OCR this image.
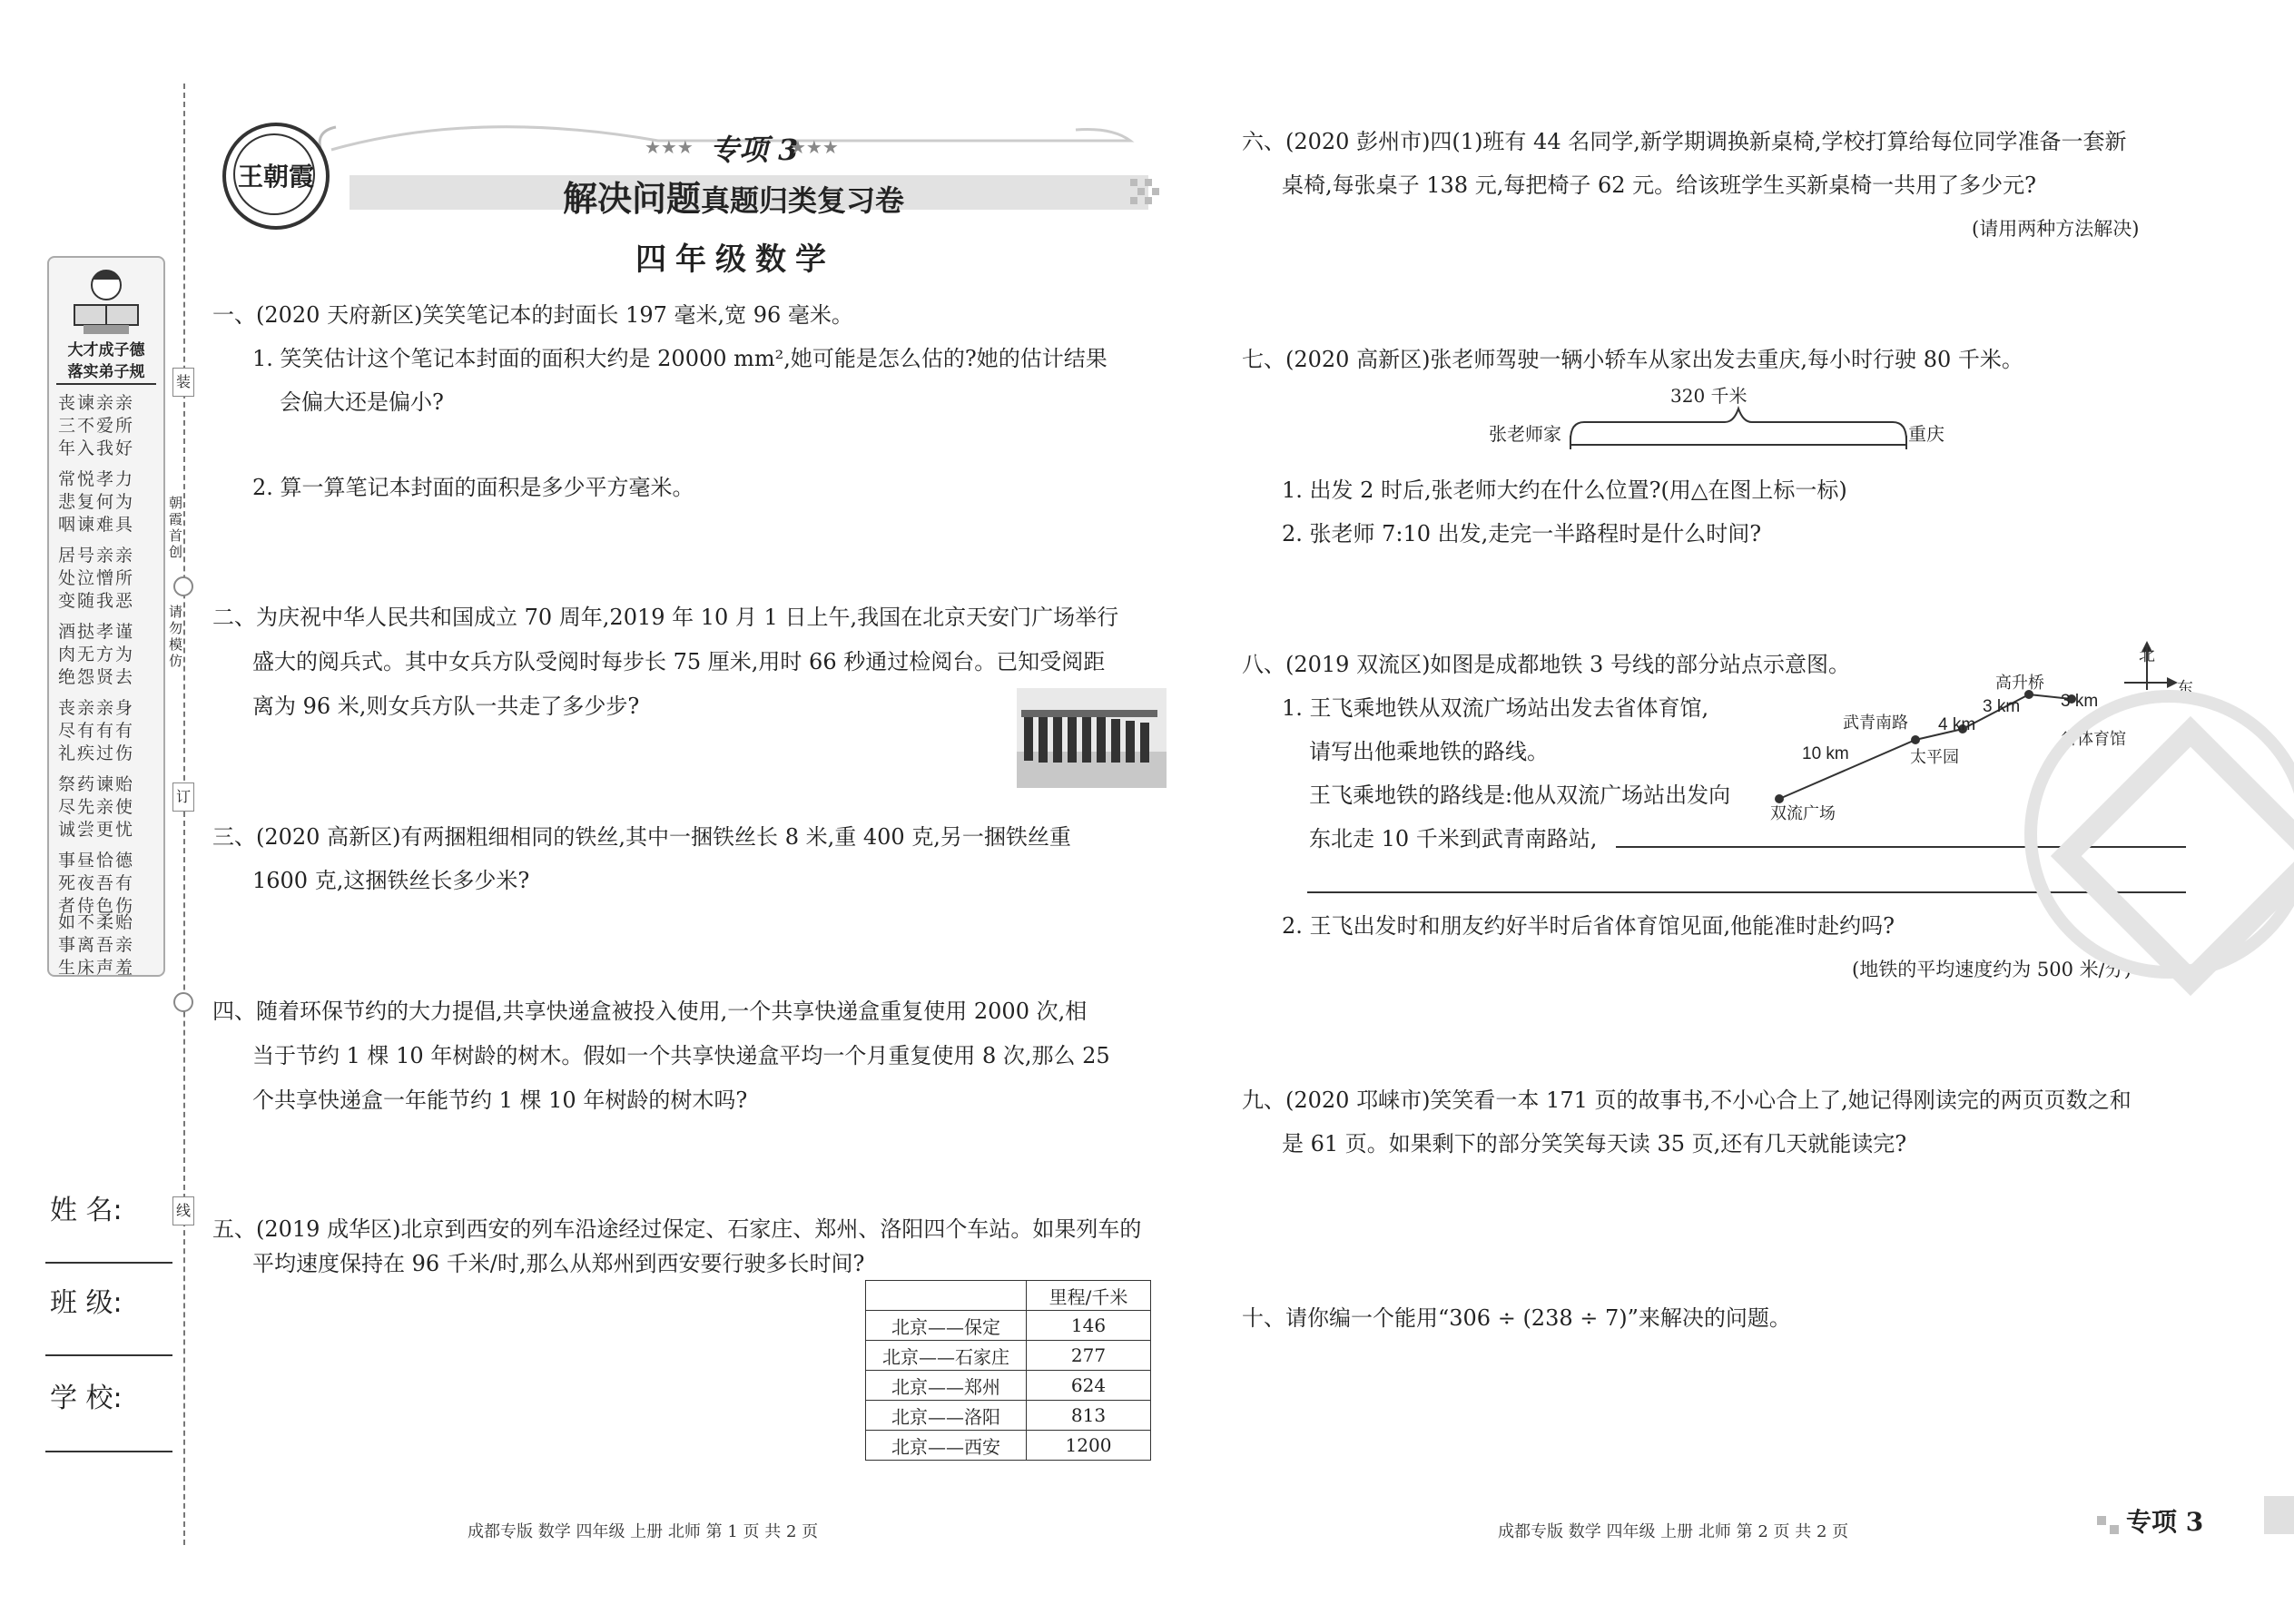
装
朝霞首创
请勿模仿
订
线
大才成子德
落实弟子规
丧谏亲亲
三不爱所
年入我好
常悦孝力
悲复何为
咽谏难具
居号亲亲
处泣憎所
变随我恶
酒挞孝谨
肉无方为
绝怨贤去
丧亲亲身
尽有有有
礼疾过伤
祭药谏贻
尽先亲使
诚尝更忧
事昼恰德
死夜吾有
者侍色伤
如不柔贻
事离吾亲
生床声羞
姓 名:
班 级:
学 校:
王朝霞
★★★ 专项 3
★★★
解决问题真题归类复习卷
四年级数学
一、(2020 天府新区)笑笑笔记本的封面长 197 毫米,宽 96 毫米。
1. 笑笑估计这个笔记本封面的面积大约是 20000 mm²,她可能是怎么估的?她的估计结果
会偏大还是偏小?
2. 算一算笔记本封面的面积是多少平方毫米。
二、为庆祝中华人民共和国成立 70 周年,2019 年 10 月 1 日上午,我国在北京天安门广场举行
盛大的阅兵式。其中女兵方队受阅时每步长 75 厘米,用时 66 秒通过检阅台。已知受阅距
离为 96 米,则女兵方队一共走了多少步?
三、(2020 高新区)有两捆粗细相同的铁丝,其中一捆铁丝长 8 米,重 400 克,另一捆铁丝重
1600 克,这捆铁丝长多少米?
四、随着环保节约的大力提倡,共享快递盒被投入使用,一个共享快递盒重复使用 2000 次,相
当于节约 1 棵 10 年树龄的树木。假如一个共享快递盒平均一个月重复使用 8 次,那么 25
个共享快递盒一年能节约 1 棵 10 年树龄的树木吗?
五、(2019 成华区)北京到西安的列车沿途经过保定、石家庄、郑州、洛阳四个车站。如果列车的
平均速度保持在 96 千米/时,那么从郑州到西安要行驶多长时间?
	里程/千米
北京——保定	146
北京——石家庄	277
北京——郑州	624
北京——洛阳	813
北京——西安	1200
成都专版 数学 四年级 上册 北师 第 1 页 共 2 页
六、(2020 彭州市)四(1)班有 44 名同学,新学期调换新桌椅,学校打算给每位同学准备一套新
桌椅,每张桌子 138 元,每把椅子 62 元。给该班学生买新桌椅一共用了多少元?
(请用两种方法解决)
七、(2020 高新区)张老师驾驶一辆小轿车从家出发去重庆,每小时行驶 80 千米。
1. 出发 2 时后,张老师大约在什么位置?(用△在图上标一标)
2. 张老师 7:10 出发,走完一半路程时是什么时间?
八、(2019 双流区)如图是成都地铁 3 号线的部分站点示意图。
1. 王飞乘地铁从双流广场站出发去省体育馆,
请写出他乘地铁的路线。
王飞乘地铁的路线是:他从双流广场站出发向
东北走 10 千米到武青南路站,
2. 王飞出发时和朋友约好半时后省体育馆见面,他能准时赴约吗?
(地铁的平均速度约为 500 米/分)
九、(2020 邛崃市)笑笑看一本 171 页的故事书,不小心合上了,她记得刚读完的两页页数之和
是 61 页。如果剩下的部分笑笑每天读 35 页,还有几天就能读完?
十、请你编一个能用“306 ÷ (238 ÷ 7)”来解决的问题。
张老师家	重庆
320 千米
双流广场
武青南路
太平园
高升桥
省体育馆
10 km
4 km
3 km 3 km
北
东
成都专版 数学 四年级 上册 北师 第 2 页 共 2 页	专项 3
